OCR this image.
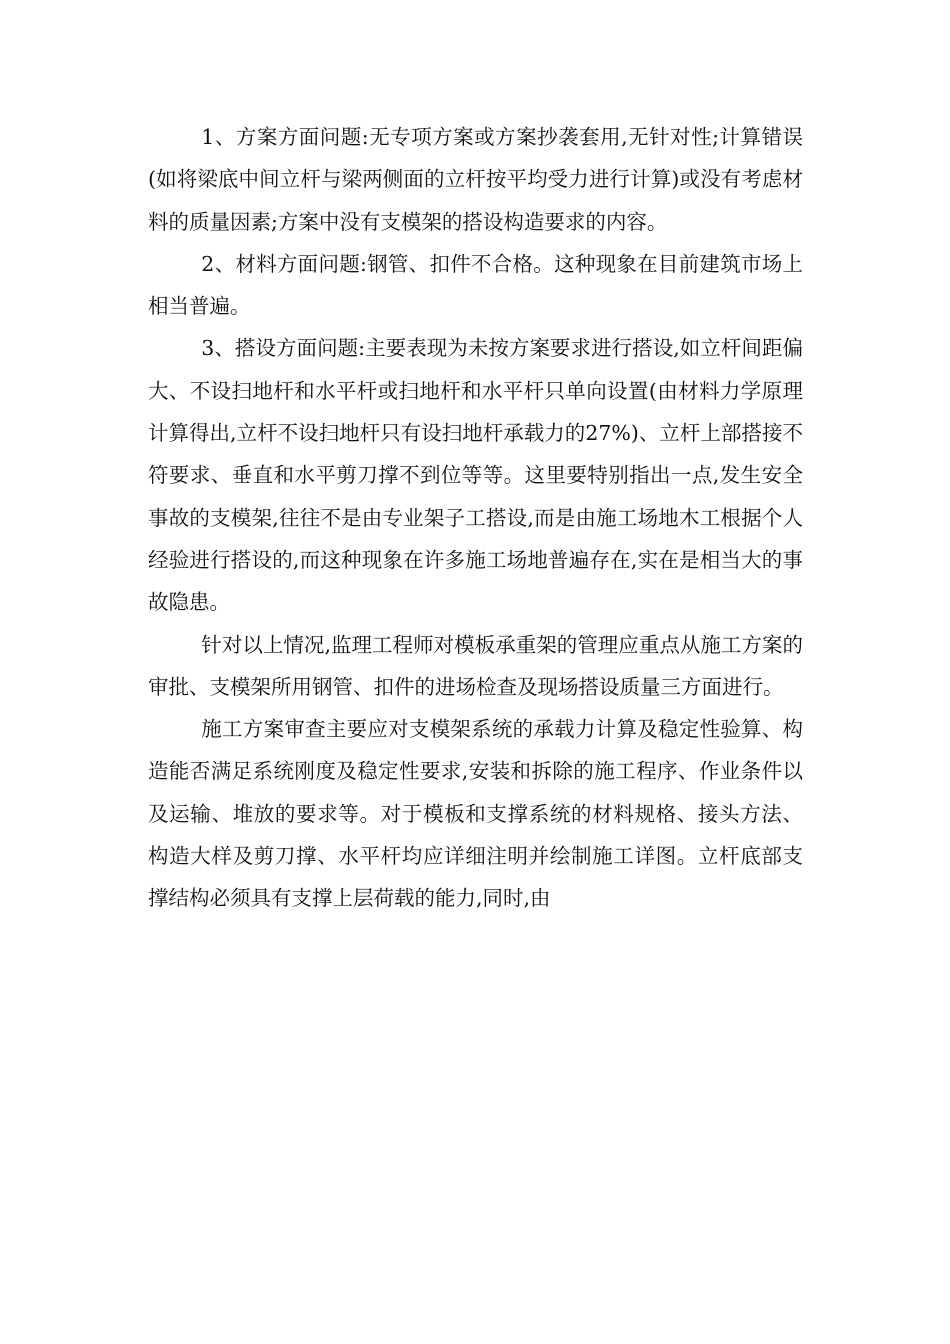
1、方案方面问题:无专项方案或方案抄袭套用,无针对性;计算错误(如将梁底中间立杆与梁两侧面的立杆按平均受力进行计算)或没有考虑材料的质量因素;方案中没有支模架的搭设构造要求的内容。

2、材料方面问题:钢管、扣件不合格。这种现象在目前建筑市场上相当普遍。

3、搭设方面问题:主要表现为未按方案要求进行搭设,如立杆间距偏大、不设扫地杆和水平杆或扫地杆和水平杆只单向设置(由材料力学原理计算得出,立杆不设扫地杆只有设扫地杆承载力的27%)、立杆上部搭接不符要求、垂直和水平剪刀撑不到位等等。这里要特别指出一点,发生安全事故的支模架,往往不是由专业架子工搭设,而是由施工场地木工根据个人经验进行搭设的,而这种现象在许多施工场地普遍存在,实在是相当大的事故隐患。

针对以上情况,监理工程师对模板承重架的管理应重点从施工方案的审批、支模架所用钢管、扣件的进场检查及现场搭设质量三方面进行。

施工方案审查主要应对支模架系统的承载力计算及稳定性验算、构造能否满足系统刚度及稳定性要求,安装和拆除的施工程序、作业条件以及运输、堆放的要求等。对于模板和支撑系统的材料规格、接头方法、构造大样及剪刀撑、水平杆均应详细注明并绘制施工详图。立杆底部支撑结构必须具有支撑上层荷载的能力,同时,由
